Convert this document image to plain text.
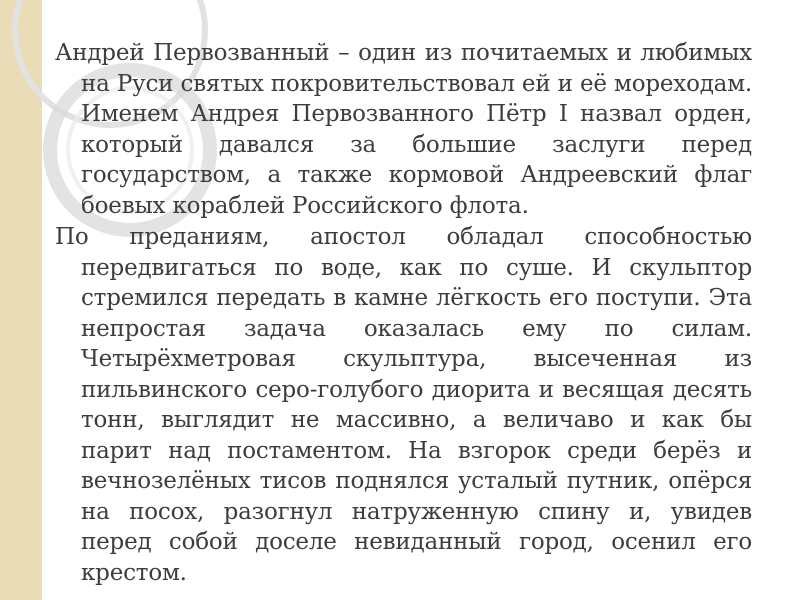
Андрей Первозванный – один из почитаемых и любимых на Руси святых покровительствовал ей и её мореходам. Именем Андрея Первозванного Пётр I назвал орден, который давался за большие заслуги перед государством, а также кормовой Андреевский флаг боевых кораблей Российского флота.

По преданиям, апостол обладал способностью передвигаться по воде, как по суше. И скульптор стремился передать в камне лёгкость его поступи. Эта непростая задача оказалась ему по силам. Четырёхметровая скульптура, высеченная из пильвинского серо-голубого диорита и весящая десять тонн, выглядит не массивно, а величаво и как бы парит над постаментом. На взгорок среди берёз и вечнозелёных тисов поднялся усталый путник, опёрся на посох, разогнул натруженную спину и, увидев перед собой доселе невиданный город, осенил его крестом.
